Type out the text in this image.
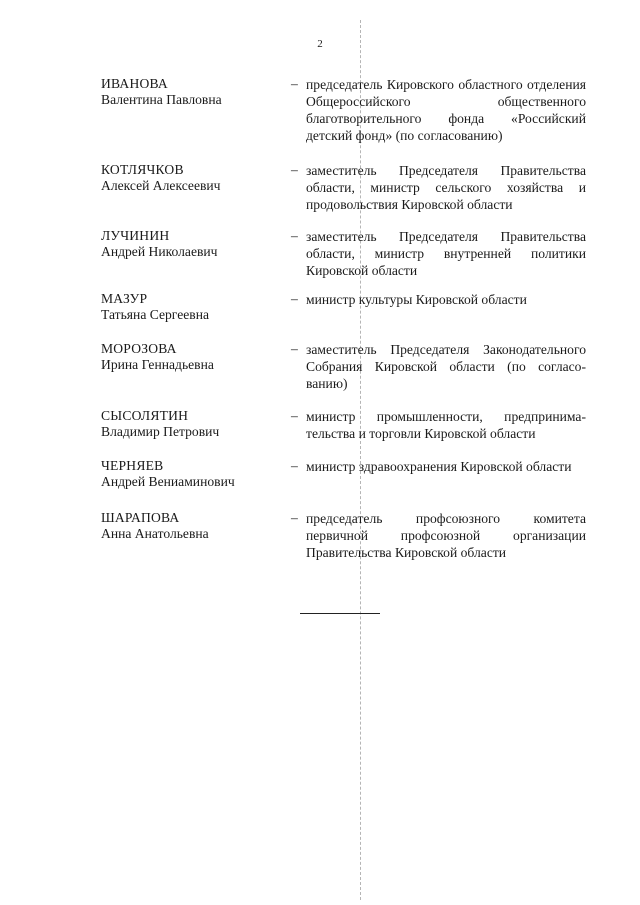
2
ИВАНОВА
Валентина Павловна
– председатель Кировского областного отделения Общероссийского общественного благотворительного фонда «Российский детский фонд» (по согласованию)
КОТЛЯЧКОВ
Алексей Алексеевич
– заместитель Председателя Правительства области, министр сельского хозяйства и продовольствия Кировской области
ЛУЧИНИН
Андрей Николаевич
– заместитель Председателя Правительства области, министр внутренней политики Кировской области
МАЗУР
Татьяна Сергеевна
– министр культуры Кировской области
МОРОЗОВА
Ирина Геннадьевна
– заместитель Председателя Законодательного Собрания Кировской области (по согласованию)
СЫСОЛЯТИН
Владимир Петрович
– министр промышленности, предпринимательства и торговли Кировской области
ЧЕРНЯЕВ
Андрей Вениаминович
– министр здравоохранения Кировской области
ШАРАПОВА
Анна Анатольевна
– председатель профсоюзного комитета первичной профсоюзной организации Правительства Кировской области
